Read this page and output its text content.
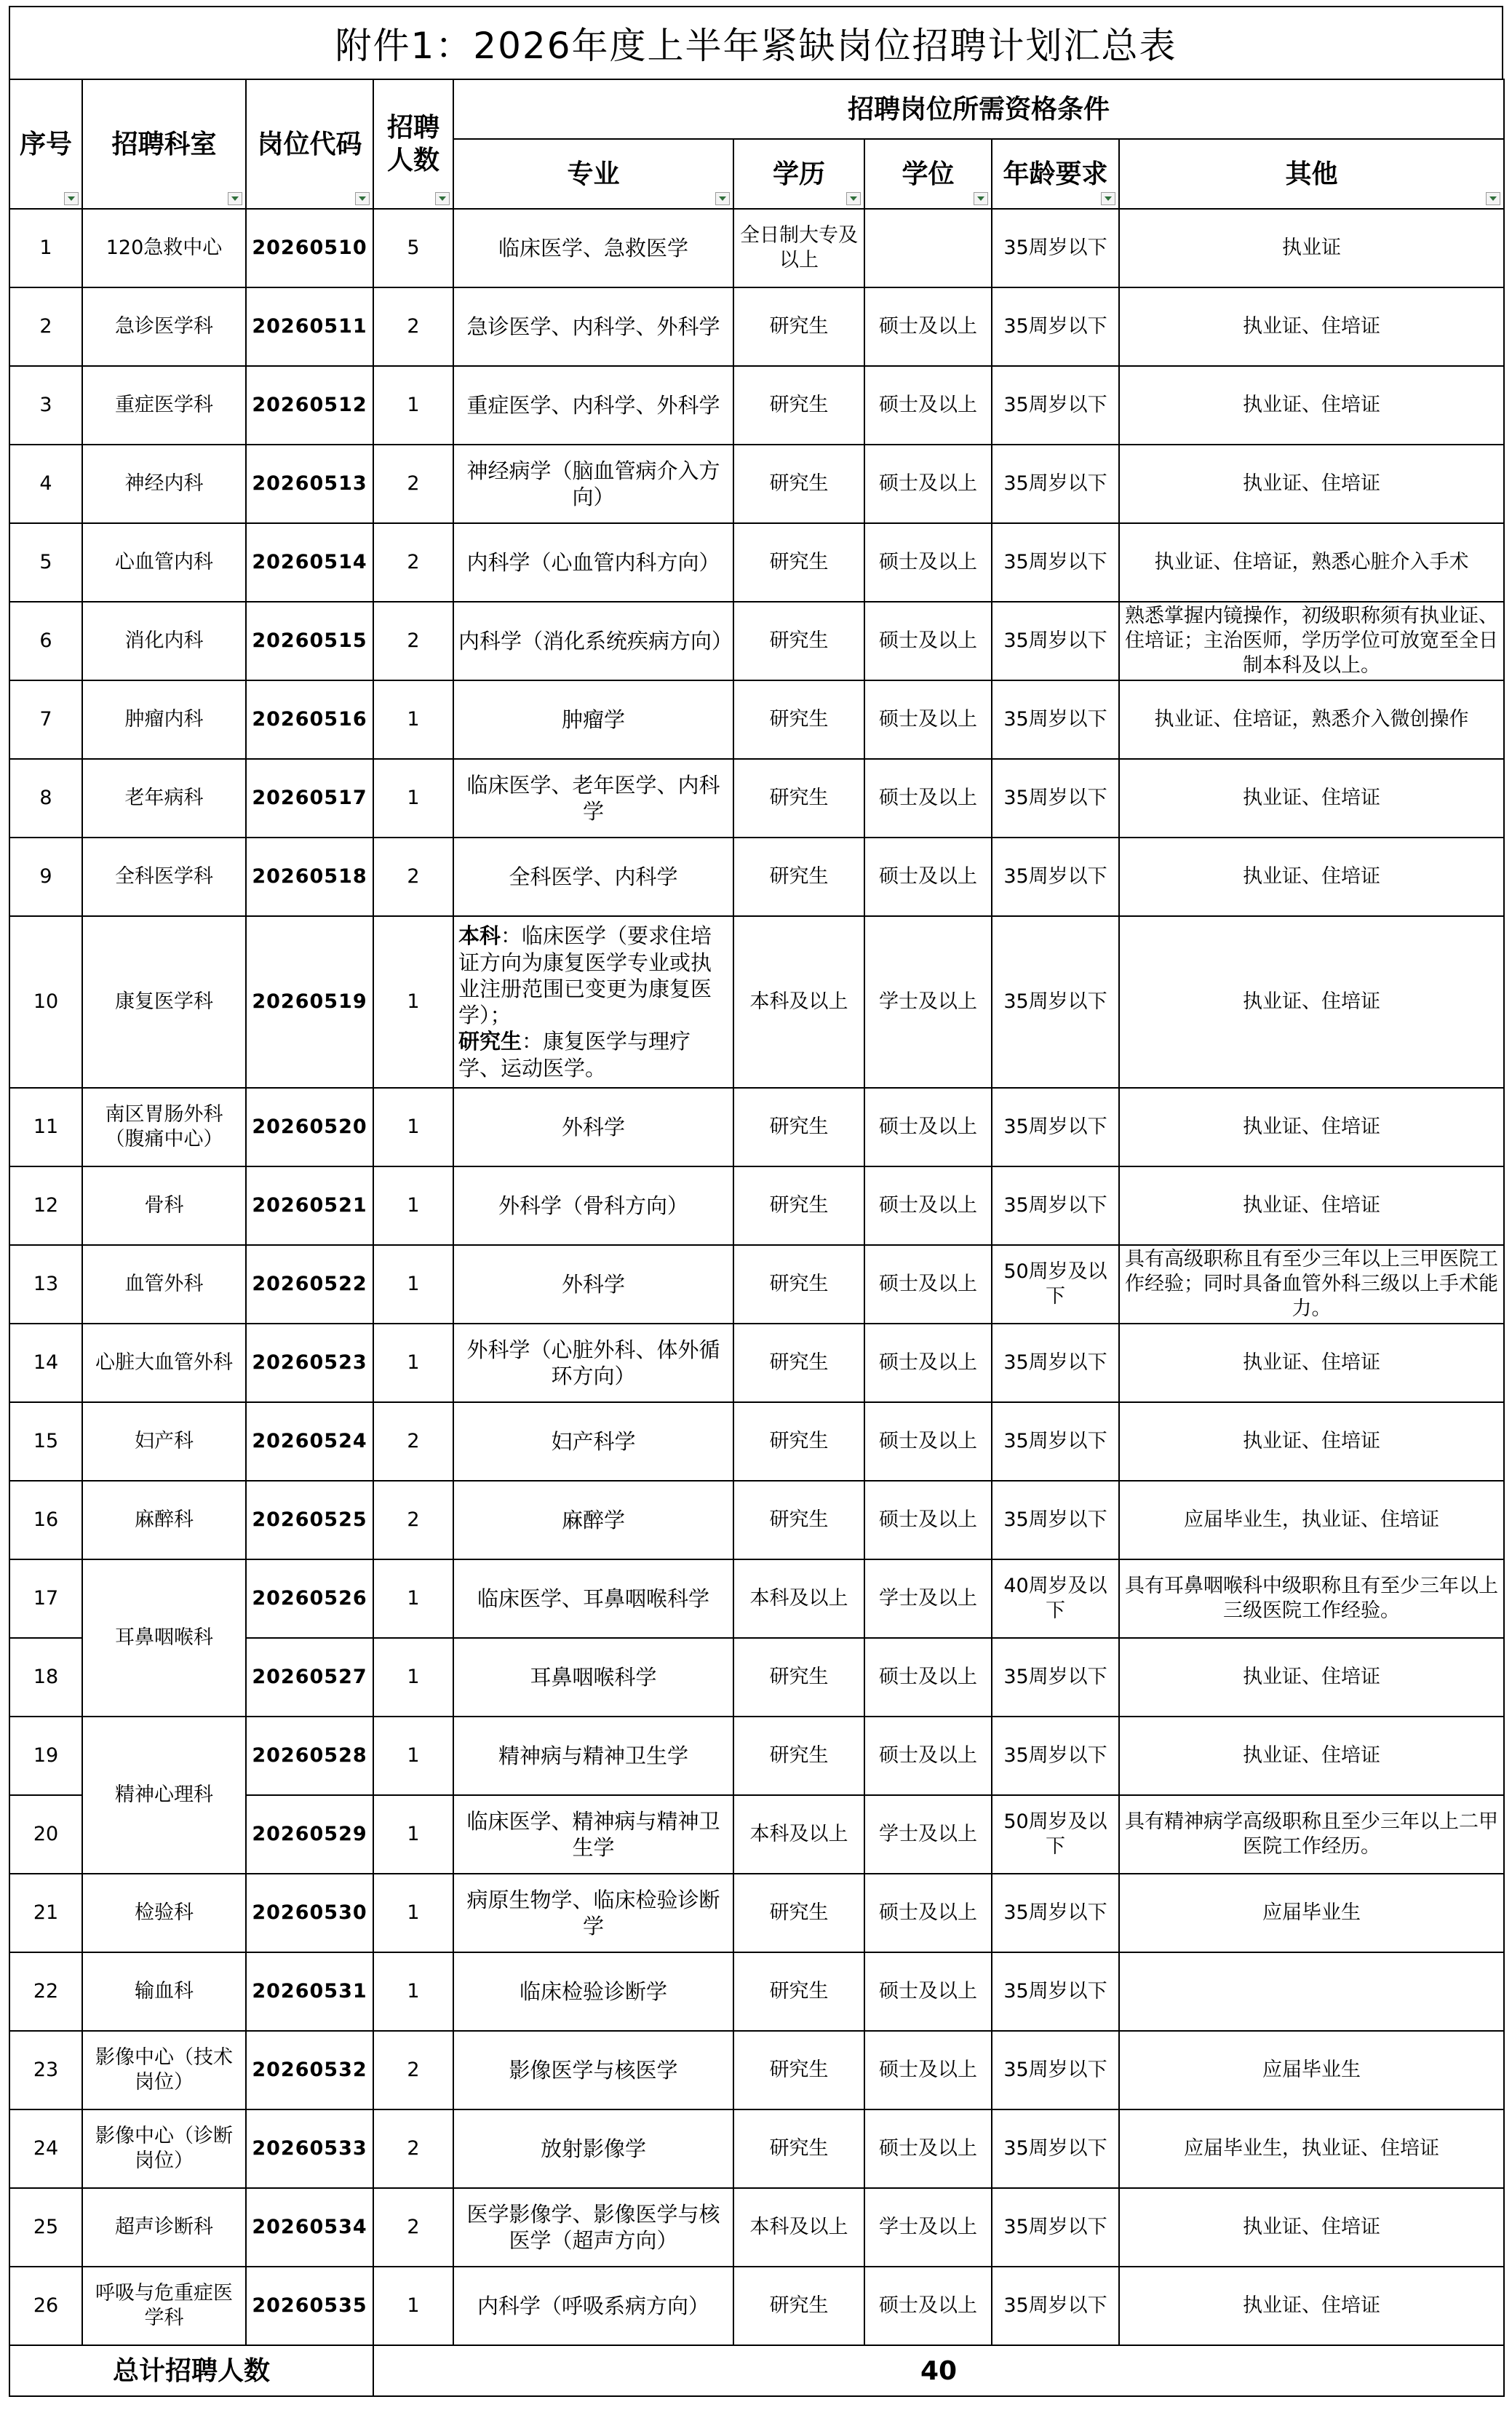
附件1：2026年度上半年紧缺岗位招聘计划汇总表
序号	招聘科室	岗位代码	招聘人数	招聘岗位所需资格条件				
				专业	学历	学位	年龄要求	其他

1	120急救中心	20260510	5	临床医学、急救医学	全日制大专及以上		35周岁以下	执业证
2	急诊医学科	20260511	2	急诊医学、内科学、外科学	研究生	硕士及以上	35周岁以下	执业证、住培证
3	重症医学科	20260512	1	重症医学、内科学、外科学	研究生	硕士及以上	35周岁以下	执业证、住培证
4	神经内科	20260513	2	神经病学（脑血管病介入方向）	研究生	硕士及以上	35周岁以下	执业证、住培证
5	心血管内科	20260514	2	内科学（心血管内科方向）	研究生	硕士及以上	35周岁以下	执业证、住培证，熟悉心脏介入手术
6	消化内科	20260515	2	内科学（消化系统疾病方向）	研究生	硕士及以上	35周岁以下	熟悉掌握内镜操作，初级职称须有执业证、住培证；主治医师，学历学位可放宽至全日制本科及以上。
7	肿瘤内科	20260516	1	肿瘤学	研究生	硕士及以上	35周岁以下	执业证、住培证，熟悉介入微创操作
8	老年病科	20260517	1	临床医学、老年医学、内科学	研究生	硕士及以上	35周岁以下	执业证、住培证
9	全科医学科	20260518	2	全科医学、内科学	研究生	硕士及以上	35周岁以下	执业证、住培证
10	康复医学科	20260519	1	本科：临床医学（要求住培证方向为康复医学专业或执业注册范围已变更为康复医学）；
研究生：康复医学与理疗学、运动医学。	本科及以上	学士及以上	35周岁以下	执业证、住培证
11	南区胃肠外科（腹痛中心）	20260520	1	外科学	研究生	硕士及以上	35周岁以下	执业证、住培证
12	骨科	20260521	1	外科学（骨科方向）	研究生	硕士及以上	35周岁以下	执业证、住培证
13	血管外科	20260522	1	外科学	研究生	硕士及以上	50周岁及以下	具有高级职称且有至少三年以上三甲医院工作经验；同时具备血管外科三级以上手术能力。
14	心脏大血管外科	20260523	1	外科学（心脏外科、体外循环方向）	研究生	硕士及以上	35周岁以下	执业证、住培证
15	妇产科	20260524	2	妇产科学	研究生	硕士及以上	35周岁以下	执业证、住培证
16	麻醉科	20260525	2	麻醉学	研究生	硕士及以上	35周岁以下	应届毕业生，执业证、住培证
17	耳鼻咽喉科	20260526	1	临床医学、耳鼻咽喉科学	本科及以上	学士及以上	40周岁及以下	具有耳鼻咽喉科中级职称且有至少三年以上三级医院工作经验。
18		20260527	1	耳鼻咽喉科学	研究生	硕士及以上	35周岁以下	执业证、住培证
19	精神心理科	20260528	1	精神病与精神卫生学	研究生	硕士及以上	35周岁以下	执业证、住培证
20		20260529	1	临床医学、精神病与精神卫生学	本科及以上	学士及以上	50周岁及以下	具有精神病学高级职称且至少三年以上二甲医院工作经历。
21	检验科	20260530	1	病原生物学、临床检验诊断学	研究生	硕士及以上	35周岁以下	应届毕业生
22	输血科	20260531	1	临床检验诊断学	研究生	硕士及以上	35周岁以下	
23	影像中心（技术岗位）	20260532	2	影像医学与核医学	研究生	硕士及以上	35周岁以下	应届毕业生
24	影像中心（诊断岗位）	20260533	2	放射影像学	研究生	硕士及以上	35周岁以下	应届毕业生，执业证、住培证
25	超声诊断科	20260534	2	医学影像学、影像医学与核医学（超声方向）	本科及以上	学士及以上	35周岁以下	执业证、住培证
26	呼吸与危重症医学科	20260535	1	内科学（呼吸系病方向）	研究生	硕士及以上	35周岁以下	执业证、住培证
总计招聘人数			40					
